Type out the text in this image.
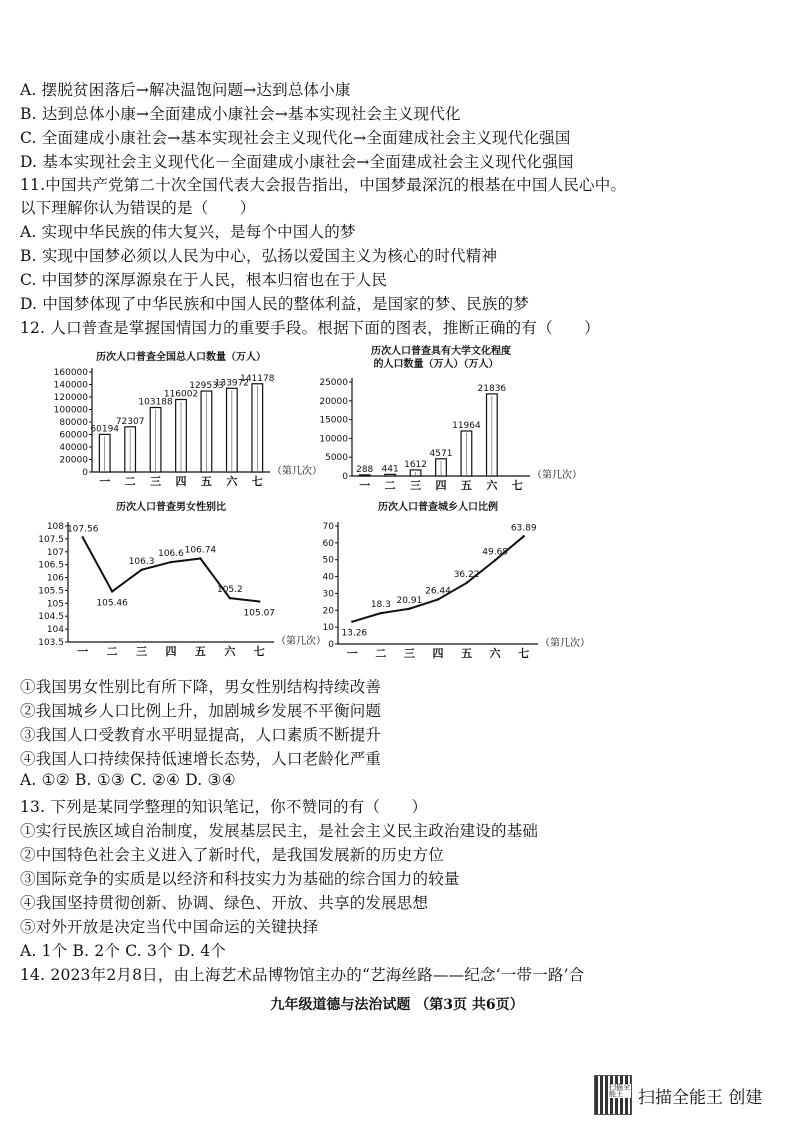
A. 摆脱贫困落后→解决温饱问题→达到总体小康
B. 达到总体小康→全面建成小康社会→基本实现社会主义现代化
C. 全面建成小康社会→基本实现社会主义现代化→全面建成社会主义现代化强国
D. 基本实现社会主义现代化－全面建成小康社会→全面建成社会主义现代化强国
11.中国共产党第二十次全国代表大会报告指出，中国梦最深沉的根基在中国人民心中。
以下理解你认为错误的是（　　）
A. 实现中华民族的伟大复兴，是每个中国人的梦
B. 实现中国梦必须以人民为中心，弘扬以爱国主义为核心的时代精神
C. 中国梦的深厚源泉在于人民，根本归宿也在于人民
D. 中国梦体现了中华民族和中国人民的整体利益，是国家的梦、民族的梦
12. 人口普查是掌握国情国力的重要手段。根据下面的图表，推断正确的有（　　）
历次人口普查全国总人口数量（万人）
160000
140000
120000
100000
80000
60000
40000
20000
0
一 二 三 四 五 六 七
（第几次）
60194
72307
103188
116002
129533
133972
141178
历次人口普查具有大学文化程度
的人口数量（万人）（万人）
25000
20000
15000
10000
5000
0
一 二 三 四 五 六 七
（第几次）
288 441 1612
4571
11964
21836
历次人口普查男女性别比
108
107.5
107
106.5
106
105.5
105
104.5
104
103.5
一 二 三 四 五 六 七
（第几次）
107.56
105.46
106.3
106.6 106.74
105.2
105.07
历次人口普查城乡人口比例
70
60
50
40
30
20
10
0
一 二 三 四 五 六 七
（第几次）
13.26
18.3 20.91
26.44
36.22
49.68
63.89
①我国男女性别比有所下降，男女性别结构持续改善
②我国城乡人口比例上升，加剧城乡发展不平衡问题
③我国人口受教育水平明显提高，人口素质不断提升
④我国人口持续保持低速增长态势，人口老龄化严重
A. ①② B. ①③ C. ②④ D. ③④
13. 下列是某同学整理的知识笔记，你不赞同的有（　　）
①实行民族区域自治制度，发展基层民主，是社会主义民主政治建设的基础
②中国特色社会主义进入了新时代，是我国发展新的历史方位
③国际竞争的实质是以经济和科技实力为基础的综合国力的较量
④我国坚持贯彻创新、协调、绿色、开放、共享的发展思想
⑤对外开放是决定当代中国命运的关键抉择
A. 1个 B. 2个 C. 3个 D. 4个
14. 2023年2月8日，由上海艺术品博物馆主办的“艺海丝路——纪念‘一带一路’合
九年级道德与法治试题 （第3页 共6页）
扫描全能王 扫描全能王 创建
